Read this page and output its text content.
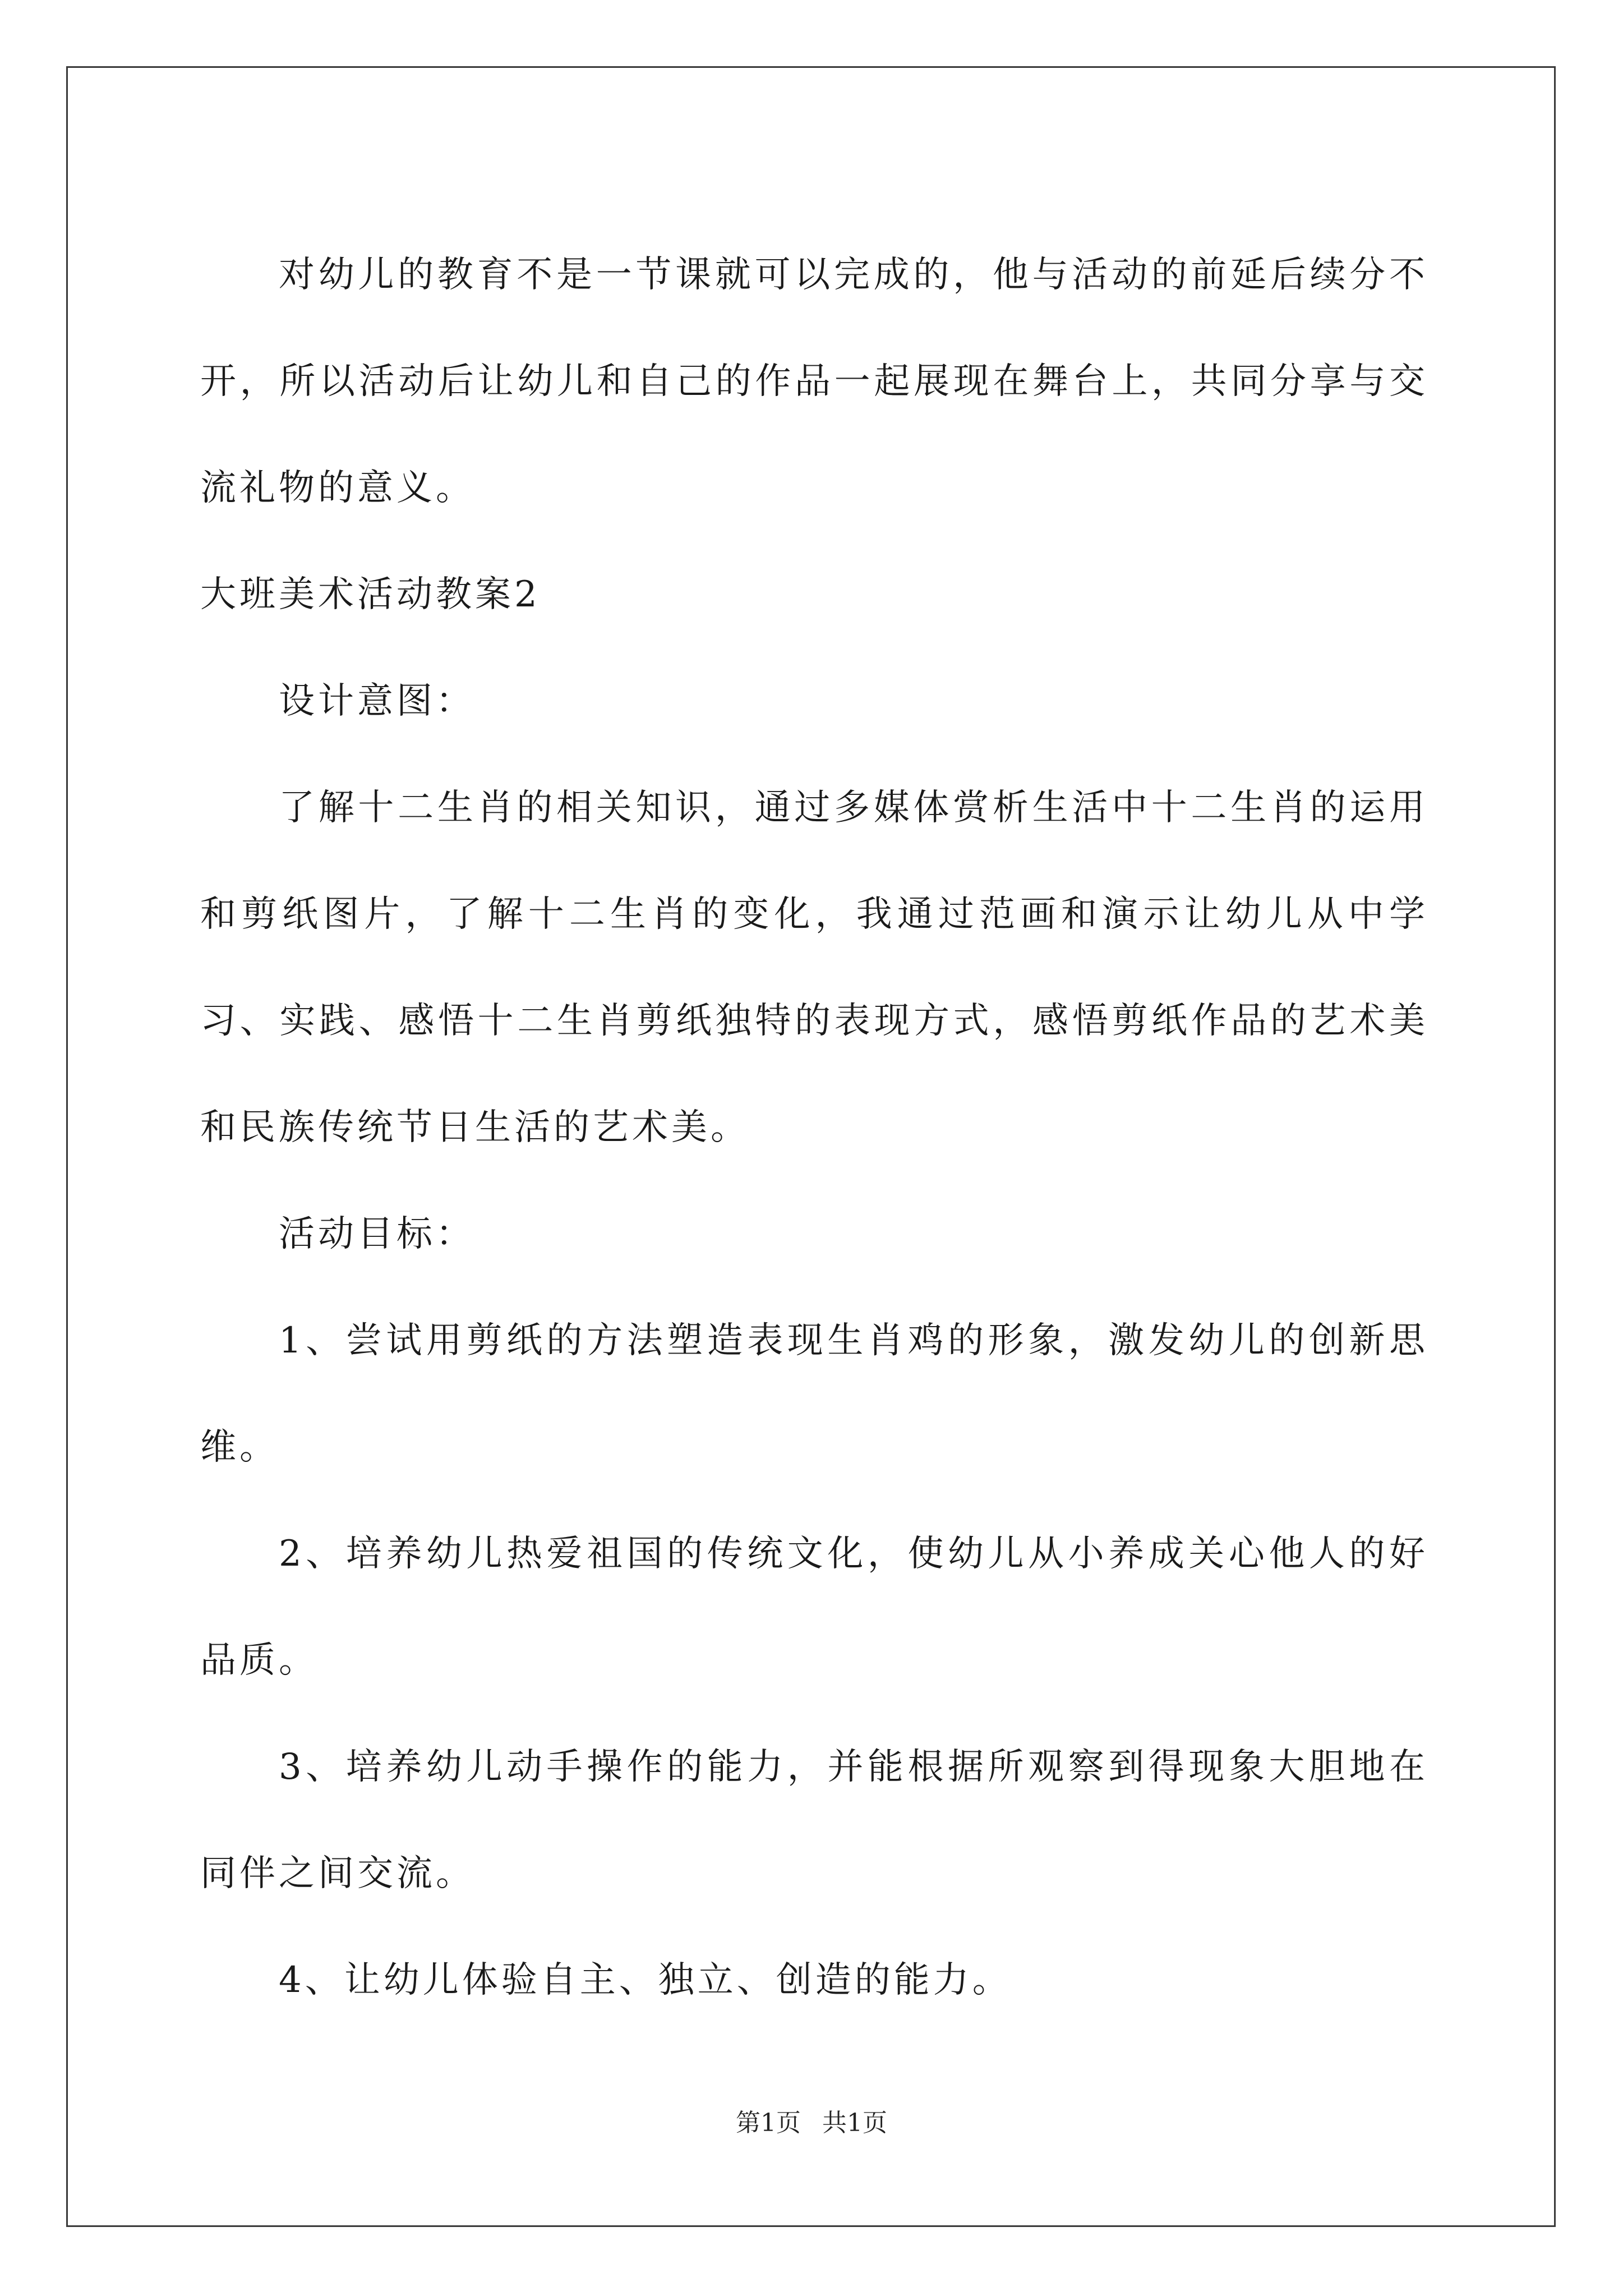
对幼儿的教育不是一节课就可以完成的，他与活动的前延后续分不开，所以活动后让幼儿和自己的作品一起展现在舞台上，共同分享与交流礼物的意义。

大班美术活动教案2

设计意图：

了解十二生肖的相关知识，通过多媒体赏析生活中十二生肖的运用和剪纸图片，了解十二生肖的变化，我通过范画和演示让幼儿从中学习、实践、感悟十二生肖剪纸独特的表现方式，感悟剪纸作品的艺术美和民族传统节日生活的艺术美。

活动目标：

1、尝试用剪纸的方法塑造表现生肖鸡的形象，激发幼儿的创新思维。

2、培养幼儿热爱祖国的传统文化，使幼儿从小养成关心他人的好品质。

3、培养幼儿动手操作的能力，并能根据所观察到得现象大胆地在同伴之间交流。

4、让幼儿体验自主、独立、创造的能力。

第1页 共1页
